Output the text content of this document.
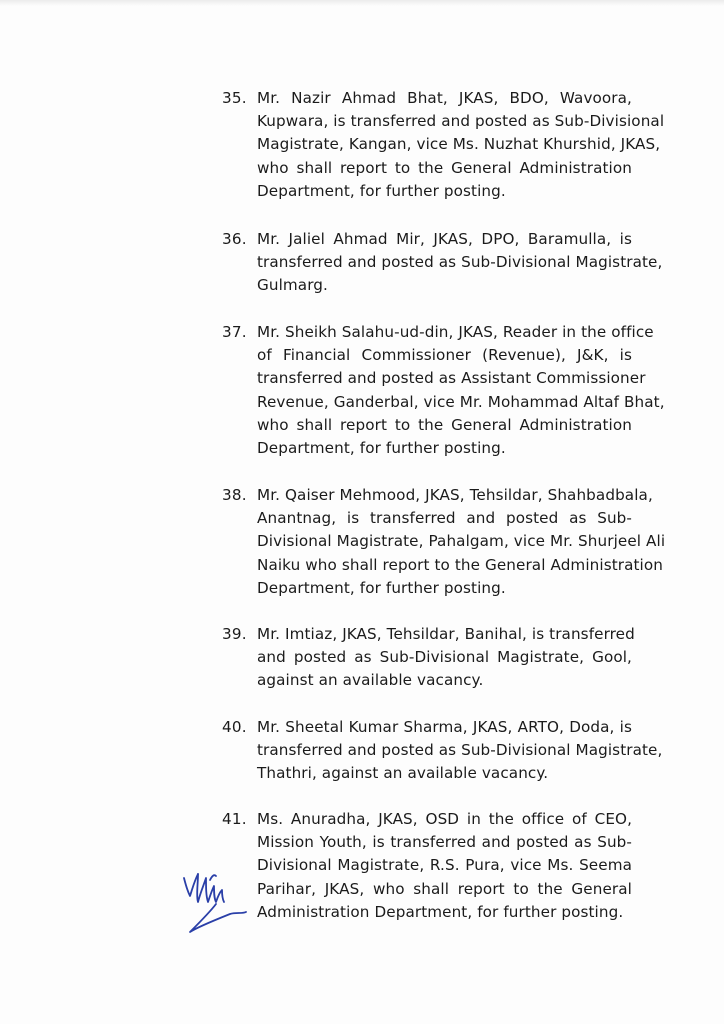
35. Mr. Nazir Ahmad Bhat, JKAS, BDO, Wavoora,
Kupwara, is transferred and posted as Sub-Divisional
Magistrate, Kangan, vice Ms. Nuzhat Khurshid, JKAS,
who shall report to the General Administration
Department, for further posting.
36. Mr. Jaliel Ahmad Mir, JKAS, DPO, Baramulla, is
transferred and posted as Sub-Divisional Magistrate,
Gulmarg.
37. Mr. Sheikh Salahu-ud-din, JKAS, Reader in the office
of Financial Commissioner (Revenue), J&K, is
transferred and posted as Assistant Commissioner
Revenue, Ganderbal, vice Mr. Mohammad Altaf Bhat,
who shall report to the General Administration
Department, for further posting.
38. Mr. Qaiser Mehmood, JKAS, Tehsildar, Shahbadbala,
Anantnag, is transferred and posted as Sub-
Divisional Magistrate, Pahalgam, vice Mr. Shurjeel Ali
Naiku who shall report to the General Administration
Department, for further posting.
39. Mr. Imtiaz, JKAS, Tehsildar, Banihal, is transferred
and posted as Sub-Divisional Magistrate, Gool,
against an available vacancy.
40. Mr. Sheetal Kumar Sharma, JKAS, ARTO, Doda, is
transferred and posted as Sub-Divisional Magistrate,
Thathri, against an available vacancy.
41. Ms. Anuradha, JKAS, OSD in the office of CEO,
Mission Youth, is transferred and posted as Sub-
Divisional Magistrate, R.S. Pura, vice Ms. Seema
Parihar, JKAS, who shall report to the General
Administration Department, for further posting.
